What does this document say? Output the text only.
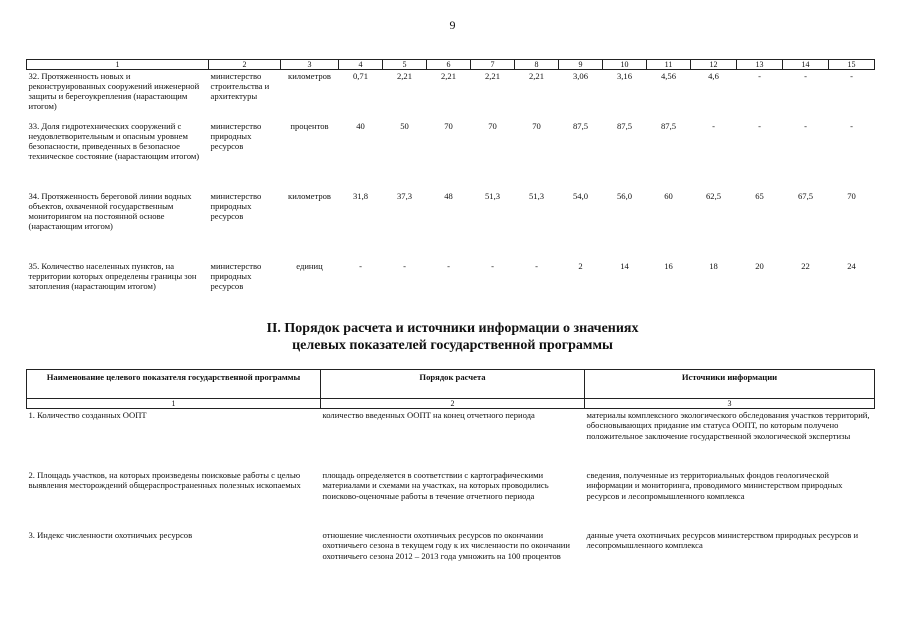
9
1	2	3	4	5	6	7	8	9	10	11	12	13	14	15
32. Протяженность новых и реконструированных сооружений инженерной защиты и берегоукрепления (нарастающим итогом)	министерство строительства и архитектуры	километров	0,71	2,21	2,21	2,21	2,21	3,06	3,16	4,56	4,6	-	-	-
33. Доля гидротехнических сооружений с неудовлетворительным и опасным уровнем безопасности, приведенных в безопасное техническое состояние (нарастающим итогом)	министерство природных ресурсов	процентов	40	50	70	70	70	87,5	87,5	87,5	-	-	-	-
34. Протяженность береговой линии водных объектов, охваченной государственным мониторингом на постоянной основе (нарастающим итогом)	министерство природных ресурсов	километров	31,8	37,3	48	51,3	51,3	54,0	56,0	60	62,5	65	67,5	70
35. Количество населенных пунктов, на территории которых определены границы зон затопления (нарастающим итогом)	министерство природных ресурсов	единиц	-	-	-	-	-	2	14	16	18	20	22	24
II. Порядок расчета и источники информации о значениях
целевых показателей государственной программы
Наименование целевого показателя государственной программы	Порядок расчета	Источники информации
1	2	3
1. Количество созданных ООПТ	количество введенных ООПТ на конец отчетного периода	материалы комплексного экологического обследования участков территорий, обосновывающих придание им статуса ООПТ, по которым получено положительное заключение государственной экологической экспертизы
2. Площадь участков, на которых произведены поисковые работы с целью выявления месторождений общераспространенных полезных ископаемых	площадь определяется в соответствии с картографическими материалами и схемами на участках, на которых проводились поисково-оценочные работы в течение отчетного периода	сведения, полученные из территориальных фондов геологической информации и мониторинга, проводимого министерством природных ресурсов и лесопромышленного комплекса
3. Индекс численности охотничьих ресурсов	отношение численности охотничьих ресурсов по окончании охотничьего сезона в текущем году к их численности по окончании охотничьего сезона 2012 – 2013 года умножить на 100 процентов	данные учета охотничьих ресурсов министерством природных ресурсов и лесопромышленного комплекса
